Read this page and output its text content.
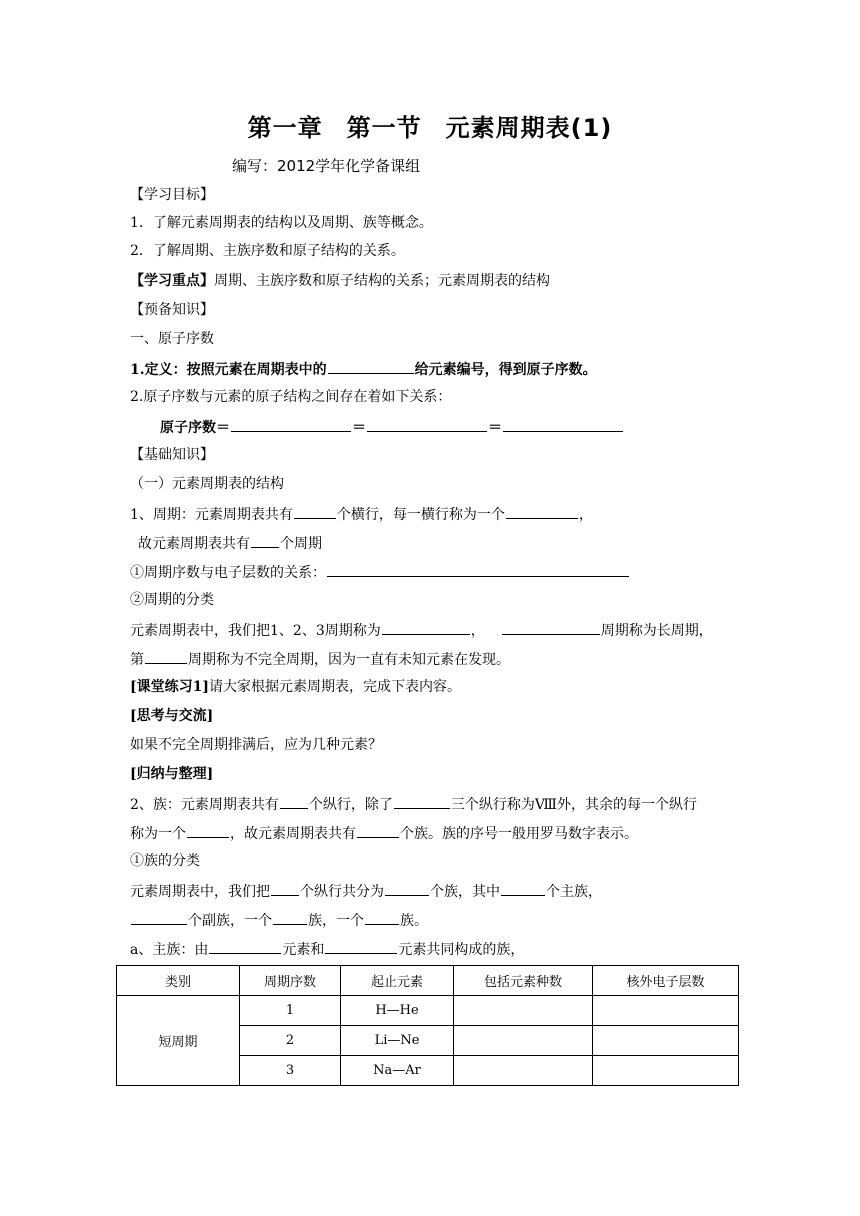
第一章 第一节 元素周期表(1)
编写：2012学年化学备课组
【学习目标】
1．了解元素周期表的结构以及周期、族等概念。
2．了解周期、主族序数和原子结构的关系。
【学习重点】周期、主族序数和原子结构的关系；元素周期表的结构
【预备知识】
一、原子序数
1.定义：按照元素在周期表中的	给元素编号，得到原子序数。
2.原子序数与元素的原子结构之间存在着如下关系：
原子序数＝	＝	＝
【基础知识】
（一）元素周期表的结构
1、周期：元素周期表共有	个横行，每一横行称为一个	，
故元素周期表共有 个周期
①周期序数与电子层数的关系：
②周期的分类
元素周期表中，我们把1、2、3周期称为	，	周期称为长周期，
第	周期称为不完全周期，因为一直有未知元素在发现。
[课堂练习1]请大家根据元素周期表，完成下表内容。
[思考与交流]
如果不完全周期排满后，应为几种元素？
[归纳与整理]
2、族：元素周期表共有 个纵行，除了	三个纵行称为Ⅷ外，其余的每一个纵行
称为一个	，故元素周期表共有	个族。族的序号一般用罗马数字表示。
①族的分类
元素周期表中，我们把 个纵行共分为	个族，其中	个主族，
个副族，一个	族，一个	族。
a、主族：由	元素和	元素共同构成的族，
类别	周期序数	起止元素	包括元素种数	核外电子层数
短周期	1	H—He		
	2	Li—Ne		
	3	Na—Ar		
